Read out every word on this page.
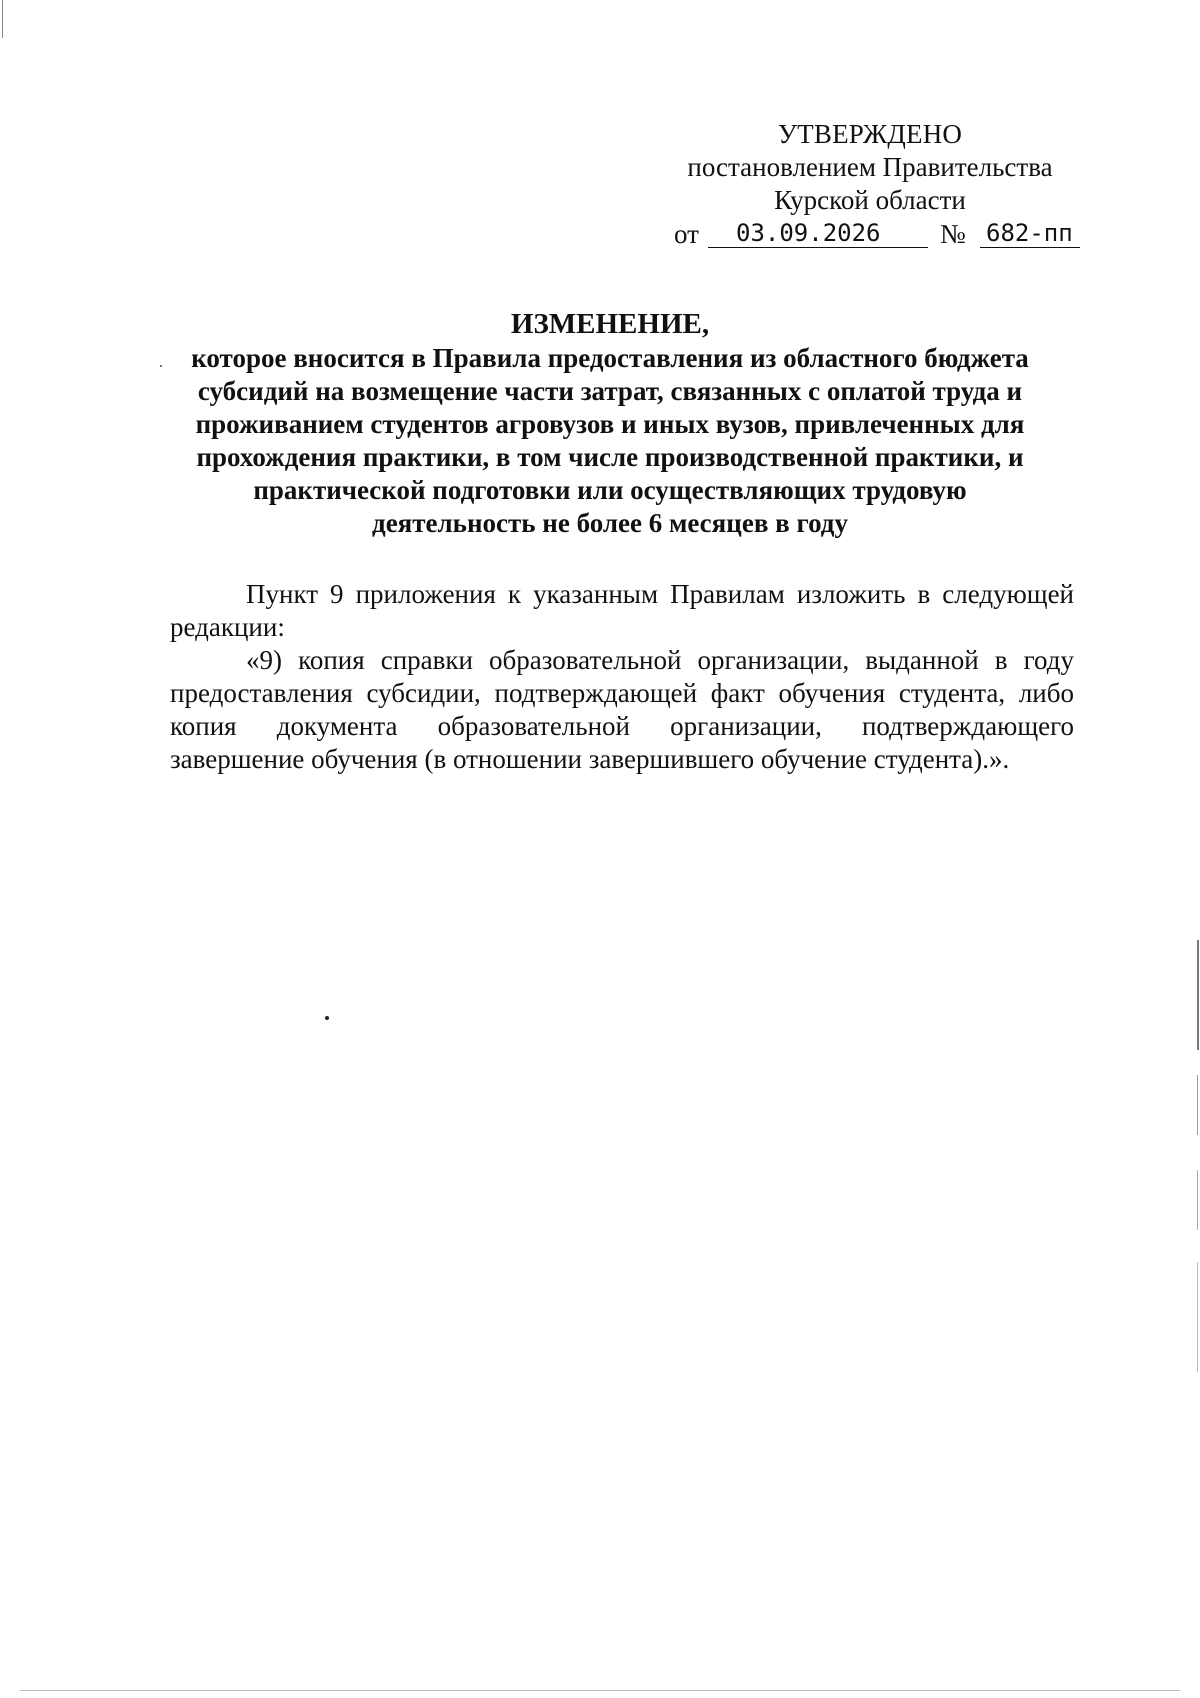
УТВЕРЖДЕНО
постановлением Правительства
Курской области
от	03.09.2026	№ 682-пп
ИЗМЕНЕНИЕ,
которое вносится в Правила предоставления из областного бюджета
субсидий на возмещение части затрат, связанных с оплатой труда и
проживанием студентов агровузов и иных вузов, привлеченных для
прохождения практики, в том числе производственной практики, и
практической подготовки или осуществляющих трудовую
деятельность не более 6 месяцев в году

Пункт 9 приложения к указанным Правилам изложить в следующей редакции:

«9) копия справки образовательной организации, выданной в году предоставления субсидии, подтверждающей факт обучения студента, либо копия документа образовательной организации, подтверждающего завершение обучения (в отношении завершившего обучение студента).».
